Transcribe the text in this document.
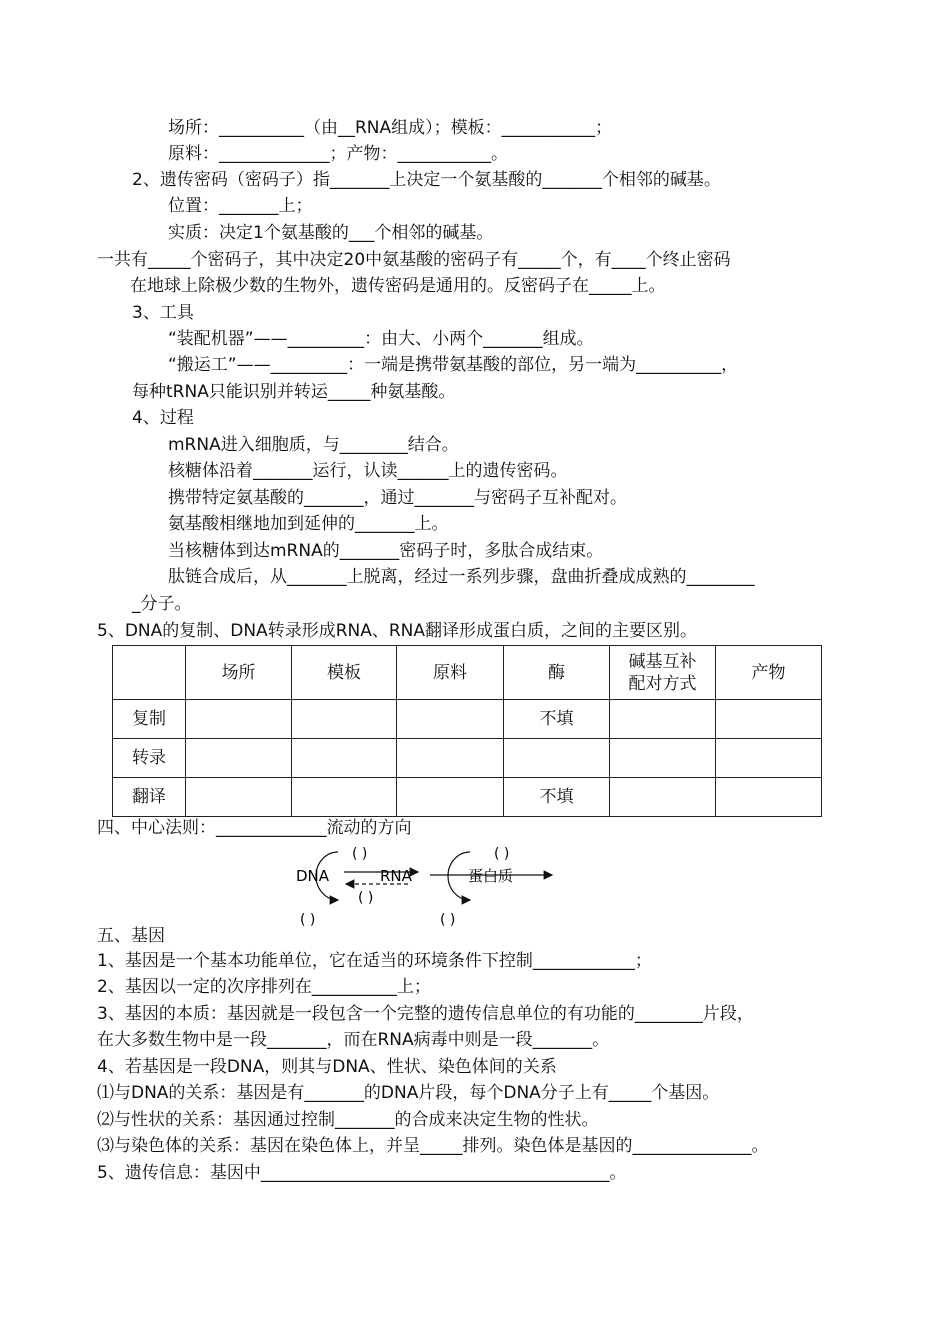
场所：__________（由__RNA组成）；模板：___________；
原料：_____________；产物：___________。
2、遗传密码（密码子）指_______上决定一个氨基酸的_______个相邻的碱基。
位置：_______上；
实质：决定1个氨基酸的___个相邻的碱基。
一共有_____个密码子，其中决定20中氨基酸的密码子有_____个，有____个终止密码
在地球上除极少数的生物外，遗传密码是通用的。反密码子在_____上。
3、工具
“装配机器”——_________：由大、小两个_______组成。
“搬运工”——_________：一端是携带氨基酸的部位，另一端为__________，
每种tRNA只能识别并转运_____种氨基酸。
4、过程
mRNA进入细胞质，与________结合。
核糖体沿着_______运行，认读______上的遗传密码。
携带特定氨基酸的_______，通过_______与密码子互补配对。
氨基酸相继地加到延伸的_______上。
当核糖体到达mRNA的_______密码子时，多肽合成结束。
肽链合成后，从_______上脱离，经过一系列步骤，盘曲折叠成成熟的________
_分子。
5、DNA的复制、DNA转录形成RNA、RNA翻译形成蛋白质，之间的主要区别。
	场所	模板	原料	酶	碱基互补配对方式	产物
复制				不填		
转录						
翻译				不填		
四、中心法则：_____________流动的方向
DNA	RNA	蛋白质
( )
( )
( )
( )	( )
五、基因
1、基因是一个基本功能单位，它在适当的环境条件下控制____________；
2、基因以一定的次序排列在__________上；
3、基因的本质：基因就是一段包含一个完整的遗传信息单位的有功能的________片段，
在大多数生物中是一段_______，而在RNA病毒中则是一段_______。
4、若基因是一段DNA，则其与DNA、性状、染色体间的关系
⑴与DNA的关系：基因是有_______的DNA片段，每个DNA分子上有_____个基因。
⑵与性状的关系：基因通过控制_______的合成来决定生物的性状。
⑶与染色体的关系：基因在染色体上，并呈_____排列。染色体是基因的______________。
5、遗传信息：基因中_________________________________________。
